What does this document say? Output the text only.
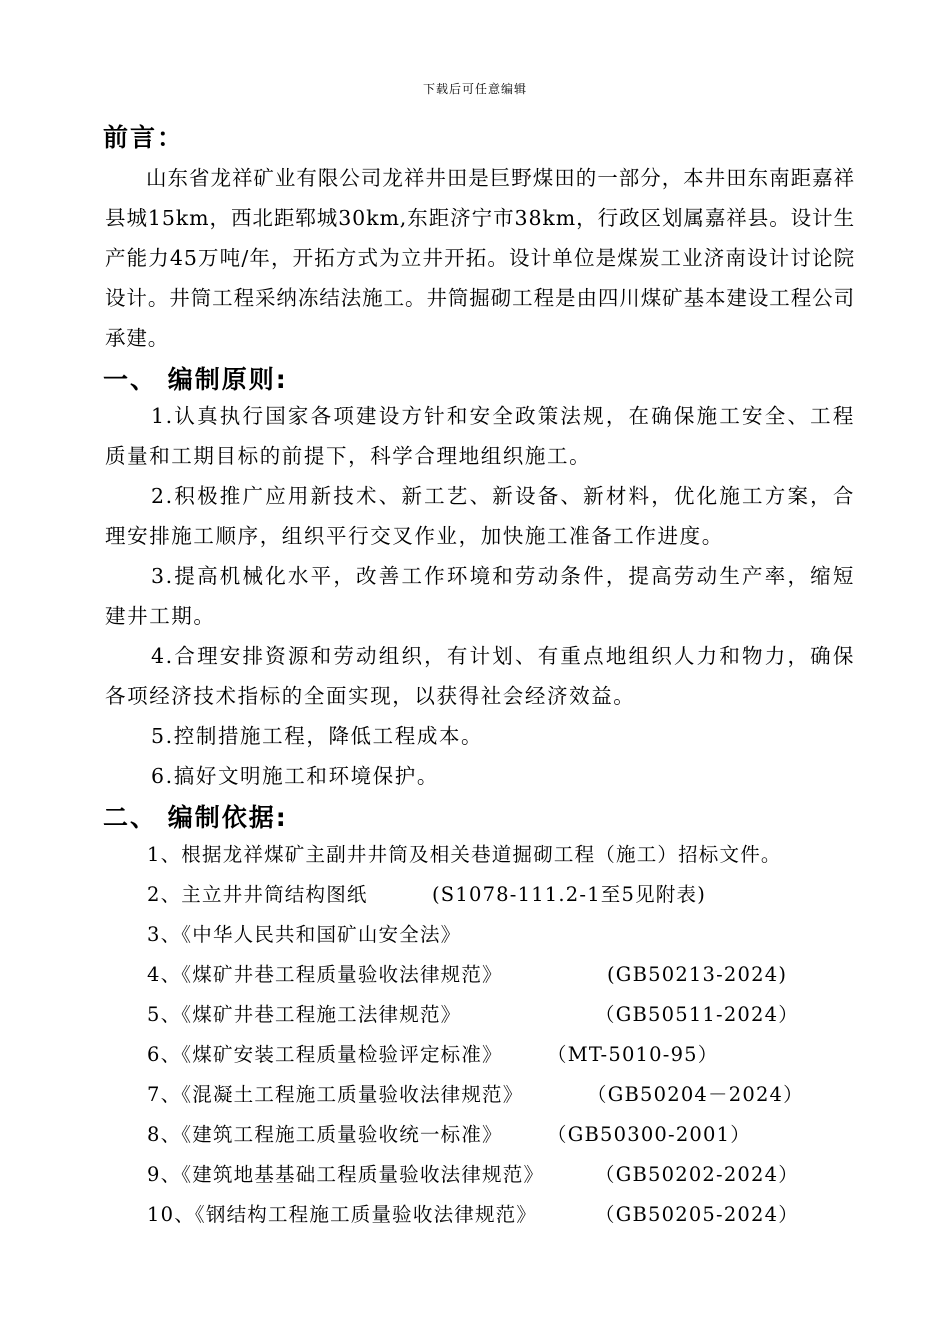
下载后可任意编辑
前言：

山东省龙祥矿业有限公司龙祥井田是巨野煤田的一部分，本井田东南距嘉祥县城15km，西北距郓城30km,东距济宁市38km，行政区划属嘉祥县。设计生产能力45万吨/年，开拓方式为立井开拓。设计单位是煤炭工业济南设计讨论院设计。井筒工程采纳冻结法施工。井筒掘砌工程是由四川煤矿基本建设工程公司承建。

一、 编制原则:

1.认真执行国家各项建设方针和安全政策法规，在确保施工安全、工程质量和工期目标的前提下，科学合理地组织施工。

2.积极推广应用新技术、新工艺、新设备、新材料，优化施工方案，合理安排施工顺序，组织平行交叉作业，加快施工准备工作进度。

3.提高机械化水平，改善工作环境和劳动条件，提高劳动生产率，缩短建井工期。

4.合理安排资源和劳动组织，有计划、有重点地组织人力和物力，确保各项经济技术指标的全面实现，以获得社会经济效益。

5.控制措施工程，降低工程成本。

6.搞好文明施工和环境保护。

二、 编制依据:
1、根据龙祥煤矿主副井井筒及相关巷道掘砌工程（施工）招标文件。
2、主立井井筒结构图纸	(S1078-111.2-1至5见附表)
3、《中华人民共和国矿山安全法》
4、《煤矿井巷工程质量验收法律规范》	(GB50213-2024)
5、《煤矿井巷工程施工法律规范》	（GB50511-2024）
6、《煤矿安装工程质量检验评定标准》 （MT-5010-95）
7、《混凝土工程施工质量验收法律规范》	（GB50204－2024）
8、《建筑工程施工质量验收统一标准》 （GB50300-2001）
9、《建筑地基基础工程质量验收法律规范》	（GB50202-2024）
10、《钢结构工程施工质量验收法律规范》	（GB50205-2024）
